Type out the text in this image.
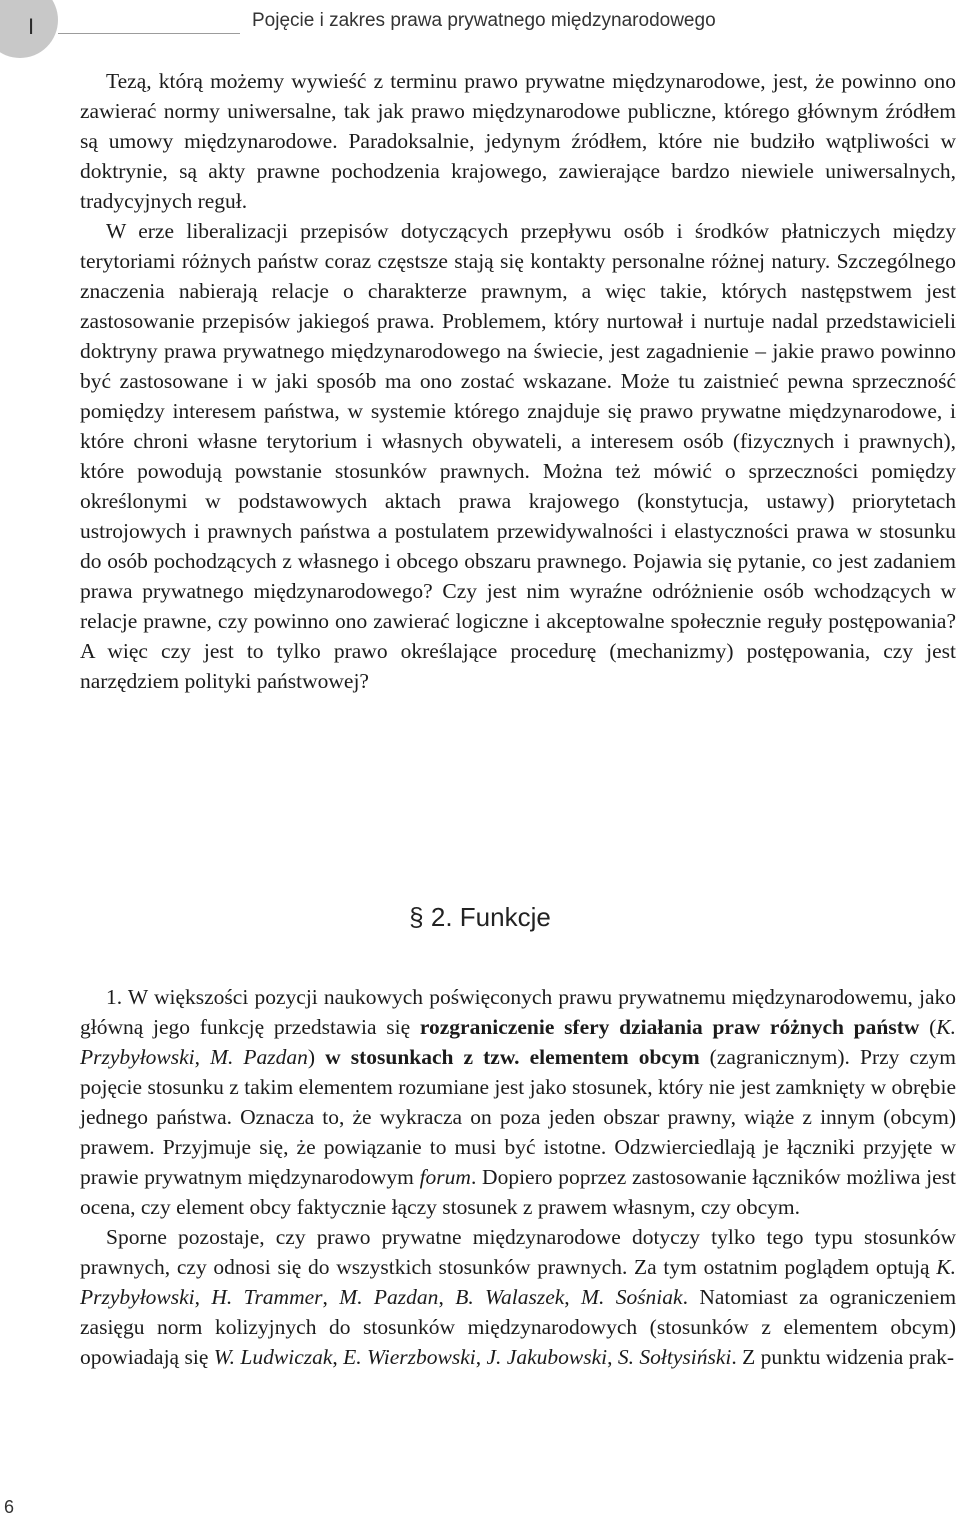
I	Pojęcie i zakres prawa prywatnego międzynarodowego

Tezą, którą możemy wywieść z terminu prawo prywatne międzynarodowe, jest, że powinno ono zawierać normy uniwersalne, tak jak prawo międzynarodowe publiczne, którego głównym źródłem są umowy międzynarodowe. Paradoksalnie, jedynym źródłem, które nie budziło wątpliwości w doktrynie, są akty prawne pochodzenia krajowego, zawierające bardzo niewiele uniwersalnych, tradycyjnych reguł.

W erze liberalizacji przepisów dotyczących przepływu osób i środków płatniczych między terytoriami różnych państw coraz częstsze stają się kontakty personalne różnej natury. Szczególnego znaczenia nabierają relacje o charakterze prawnym, a więc takie, których następstwem jest zastosowanie przepisów jakiegoś prawa. Problemem, który nurtował i nurtuje nadal przedstawicieli doktryny prawa prywatnego międzynarodowego na świecie, jest zagadnienie – jakie prawo powinno być zastosowane i w jaki sposób ma ono zostać wskazane. Może tu zaistnieć pewna sprzeczność pomiędzy interesem państwa, w systemie którego znajduje się prawo prywatne międzynarodowe, i które chroni własne terytorium i własnych obywateli, a interesem osób (fizycznych i prawnych), które powodują powstanie stosunków prawnych. Można też mówić o sprzeczności pomiędzy określonymi w podstawowych aktach prawa krajowego (konstytucja, ustawy) priorytetach ustrojowych i prawnych państwa a postulatem przewidywalności i elastyczności prawa w stosunku do osób pochodzących z własnego i obcego obszaru prawnego. Pojawia się pytanie, co jest zadaniem prawa prywatnego międzynarodowego? Czy jest nim wyraźne odróżnienie osób wchodzących w relacje prawne, czy powinno ono zawierać logiczne i akceptowalne społecznie reguły postępowania? A więc czy jest to tylko prawo określające procedurę (mechanizmy) postępowania, czy jest narzędziem polityki państwowej?

§ 2. Funkcje

1. W większości pozycji naukowych poświęconych prawu prywatnemu międzynarodowemu, jako główną jego funkcję przedstawia się rozgraniczenie sfery działania praw różnych państw (K. Przybyłowski, M. Pazdan) w stosunkach z tzw. elementem obcym (zagranicznym). Przy czym pojęcie stosunku z takim elementem rozumiane jest jako stosunek, który nie jest zamknięty w obrębie jednego państwa. Oznacza to, że wykracza on poza jeden obszar prawny, wiąże z innym (obcym) prawem. Przyjmuje się, że powiązanie to musi być istotne. Odzwierciedlają je łączniki przyjęte w prawie prywatnym międzynarodowym forum. Dopiero poprzez zastosowanie łączników możliwa jest ocena, czy element obcy faktycznie łączy stosunek z prawem własnym, czy obcym.

Sporne pozostaje, czy prawo prywatne międzynarodowe dotyczy tylko tego typu stosunków prawnych, czy odnosi się do wszystkich stosunków prawnych. Za tym ostatnim poglądem optują K. Przybyłowski, H. Trammer, M. Pazdan, B. Walaszek, M. Sośniak. Natomiast za ograniczeniem zasięgu norm kolizyjnych do stosunków międzynarodowych (stosunków z elementem obcym) opowiadają się W. Ludwiczak, E. Wierzbowski, J. Jakubowski, S. Sołtysiński. Z punktu widzenia prak-

6
